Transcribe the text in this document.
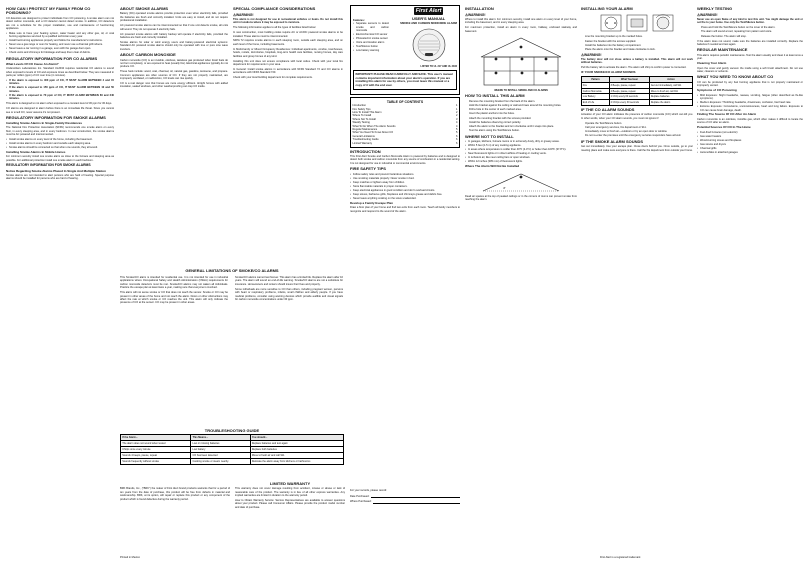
HOW CAN I PROTECT MY FAMILY FROM CO POISONING?
CO detectors are designed to protect individuals from CO poisoning. A smoke alarm can not detect carbon monoxide, and a CO detector cannot detect smoke. In addition, CO detectors are not a substitute for the proper installation, use and maintenance of fuel-burning appliances.
• Make sure to have your heating system, water heater and any other gas, oil, or coal burning appliances serviced by a qualified technician every year.
• Install fuel-burning appliances properly and follow the manufacturer's instructions.
• Never use a gas range or oven for heating, and never use a charcoal grill indoors.
• Never leave a car running in a garage, even with the garage door open.
• Check vents and chimneys for blockage and keep them clear of debris.
REGULATORY INFORMATION FOR CO ALARMS
What Levels Of CO Cause An Alarm?
Underwriters Laboratories Inc. Standard UL2034 requires residential CO alarms to sound when exposed to levels of CO and exposure times as described below. They are measured in parts per million (ppm) of CO over time (in minutes).
• If the alarm is exposed to 400 ppm of CO, IT MUST ALARM BETWEEN 4 and 15 minutes.
• If the alarm is exposed to 150 ppm of CO, IT MUST ALARM BETWEEN 10 and 50 minutes.
• If the alarm is exposed to 70 ppm of CO, IT MUST ALARM BETWEEN 60 and 240 minutes.
This alarm is designed to not alarm when exposed to a constant level of 30 ppm for 30 days.
CO alarms are designed to alarm before there is an immediate life threat. Since you cannot see or smell CO, never assume it's not present.
REGULATORY INFORMATION FOR SMOKE ALARMS
Installing Smoke Alarms In Single-Family Residences
The National Fire Protection Association (NFPA) recommends one smoke alarm on every floor, in every sleeping area, and in every bedroom. In new construction, the smoke alarms must be AC powered and interconnected.
• Install smoke alarms on every level of the home, including the basement.
• Install smoke alarms in every bedroom and outside each sleeping area.
• Smoke alarms should be connected so that when one sounds, they all sound.
Installing Smoke Alarms In Mobile Homes
For minimum security install one smoke alarm as close to the furnace and sleeping area as possible. For additional protection install one smoke alarm in each bedroom.
REGULATORY INFORMATION FOR SMOKE ALARMS
Notice Regarding Smoke Alarms Placed In Single And Multiple Station
Smoke alarms are not intended to alert persons who are hard of hearing. Special purpose alarms should be installed for persons who are hard of hearing.
ABOUT SMOKE ALARMS
Battery (DC) operated smoke alarms provide protection even when electricity fails, provided the batteries are fresh and correctly installed. Units are easy to install, and do not require professional installation.
AC powered smoke alarms can be interconnected so that if one unit detects smoke, all units will sound. They do not operate if electricity fails.
AC powered smoke alarms with battery backup will operate if electricity fails, provided the batteries are fresh and correctly installed.
Smoke alarms for solar or wind energy users and battery-powered electrical systems: Standard AC powered smoke alarms should only be operated with true or pure sine wave inverters.
ABOUT CARBON MONOXIDE
Carbon monoxide (CO) is an invisible, odorless, tasteless gas produced when fossil fuels do not burn completely, or are exposed to heat (usually fire). Electrical appliances typically do not produce CO.
These fuels include: wood, coal, charcoal, oil, natural gas, gasoline, kerosene, and propane. Common appliances are often sources of CO. If they are not properly maintained, are improperly ventilated, or malfunction, CO levels can rise quickly.
CO is a real danger now that homes are more energy efficient. Airtight homes with added insulation, sealed windows, and other weatherproofing can trap CO inside.
SPECIAL COMPLIANCE CONSIDERATIONS
⚠ WARNING!
This alarm is not designed for use in recreational vehicles or boats. Do not install this unit in locations where it may be exposed to moisture.
The following information applies to all the types of facilities listed below:
In new construction, most building codes require AC or AC/DC powered smoke alarms to be installed. These alarms must be interconnected.
NFPA 72 requires smoke alarms in each sleeping room, outside each sleeping area, and on each level of the home, including basements.
In Multi-Family or Mixed Occupancy Residences: Individual apartments, condos, townhouses, hotels, motels, dormitories, hospitals, long-term health care facilities, nursing homes, day care facilities and group homes of any kind.
Installing this unit does not ensure compliance with local codes. Check with your local fire department for requirements in your area.
In General: Install smoke alarms in accordance with NFPA Standard 72 and CO alarms in accordance with NFPA Standard 720.
Check with your local building department for complete requirements.
GENERAL LIMITATIONS OF SMOKE/CO ALARMS
This Smoke/CO alarm is intended for residential use. It is not intended for use in industrial applications where Occupational Safety and Health Administration (OSHA) requirements for carbon monoxide detectors must be met. Smoke/CO alarms may not waken all individuals. Practice the escape plan at least twice a year, making sure that everyone is involved.
This alarm will not sense smoke or CO that does not reach the sensor. Smoke or CO may be present in other areas of the home and not reach the alarm. Doors or other obstructions may affect the rate at which smoke or CO reaches the unit. This alarm will only indicate the presence of CO at the sensor. CO may be present in other areas.
Smoke/CO alarms cannot last forever. This alarm has a limited life. Replace the alarm after 10 years. The alarm will sound an end-of-life warning. Smoke/CO alarms are not a substitute for insurance. Homeowners and renters should insure their lives and property.
Some individuals are more sensitive to CO than others, including pregnant women, persons with heart or respiratory problems, infants, small children and elderly people. If you have medical problems, consider using warning devices which provide audible and visual signals for carbon monoxide concentrations under 30 ppm.
TROUBLESHOOTING GUIDE
If the Alarm...	This Means...	You should...
The alarm does not sound when tested	Low or missing batteries	Replace batteries and test again
Chirps once every minute	Low battery	Replace both batteries
Sounds 4 beeps, pause, repeat	CO has been detected	Move to fresh air and call 911
Sounds frequently without smoke	Cooking smoke or steam nearby	Relocate the alarm away from kitchens or bathrooms
LIMITED WARRANTY
BRK Brands, Inc., ("BRK") the maker of First Alert brand products warrants that for a period of ten years from the date of purchase, this product will be free from defects in material and workmanship. BRK, at its option, will repair or replace this product or any component of the product which is found defective during the warranty period.
This warranty does not cover damage resulting from accident, misuse or abuse or lack of reasonable care of the product. The warranty is in lieu of all other express warranties. Any implied warranties are limited in duration to the warranty period.
How to Obtain Warranty Service: Service Representatives are available to answer questions about your product. Please call Consumer Affairs. Please provide the product model number and date of purchase.
For your records, please record:
Date Purchased:
Where Purchased:
Features:
• Separate sensors to detect smoke and carbon monoxide
• Electrochemical CO sensor
• Photoelectric smoke sensor
• Voice and location alarm
• Test/Silence button
• Low battery warning
First Alert
USER'S MANUAL
SMOKE AND CARBON MONOXIDE ALARM
LISTED TO UL 217 AND UL 2034
IMPORTANT! PLEASE READ CAREFULLY AND SAVE. This user's manual contains important information about your alarm's operation. If you are installing this alarm for use by others, you must leave this manual or a copy of it with the end user.
TABLE OF CONTENTS
Introduction	1
Fire Safety Tips	1
How To Install This Alarm	2
Where To Install	2
Where Not To Install	3
Weekly Testing	4
What To Do When The Alarm Sounds	4
Regular Maintenance	5
What You Need To Know About CO	5
General Limitations	6
Troubleshooting Guide	6
Limited Warranty	6
INTRODUCTION
This First Alert Smoke and Carbon Monoxide Alarm is powered by batteries and is designed to detect both smoke and carbon monoxide from any source of combustion in a residential setting. It is not designed for use in industrial or commercial environments.
FIRE SAFETY TIPS
• Follow safety rules and prevent hazardous situations.
• Use smoking materials properly. Never smoke in bed.
• Keep matches or lighters away from children.
• Store flammable materials in proper containers.
• Keep electrical appliances in good condition and don't overload circuits.
• Keep stoves, barbecue grills, fireplaces and chimneys grease and debris free.
• Never leave anything cooking on the stove unattended.
Develop a Family Escape Plan
Draw a floor plan of your home and find two exits from each room. Teach all family members to recognize and respond to the sound of the alarm.
INSTALLATION
⚠ WARNING!
Where to install this alarm: For minimum security, install one alarm on every level of your home, including the basement, and in every sleeping area.
For maximum protection, install an alarm in every room, hallway, enclosed stairway and basement.
WHERE TO INSTALL SMOKE AND CO ALARMS
HOW TO INSTALL THIS ALARM
Remove the mounting bracket from the back of the alarm.
Hold the bracket against the ceiling or wall and trace around the mounting holes.
Drill a hole in the center of each marked area.
Insert the plastic anchors into the holes.
Attach the mounting bracket with the screws provided.
Install the batteries observing correct polarity.
Attach the alarm to the bracket and turn clockwise until it snaps into place.
Test the alarm using the Test/Silence button.
WHERE NOT TO INSTALL
• In garages, kitchens, furnace rooms or in extremely dusty, dirty or greasy areas.
• Within 5 feet (1.5 m) of any cooking appliance.
• In areas where temperature is colder than 40°F (4.4°C) or hotter than 100°F (37.8°C).
• Near fluorescent lights or in direct airflow of heating or cooling vents.
• In turbulent air, like near ceiling fans or open windows.
• Within 12 inches (305 mm) of fluorescent lights.
Where The Alarm Will Not Be Installed
4"
Dead air spaces at the top of peaked ceilings or in the corners of rooms can prevent smoke from reaching the alarm.
INSTALLING YOUR ALARM
Line the mounting bracket up to the marked holes.
Fasten the bracket with the screws supplied.
Install the batteries into the battery compartment.
Place the alarm onto the bracket and rotate clockwise to lock.
⚠ WARNING!
The battery door will not close unless a battery is installed. This alarm will not work without batteries.
Pull the battery tab to activate the alarm. The alarm will chirp to confirm power is connected.
IF YOUR SMOKE/CO ALARM SOUNDS
Pattern	What You Hear	Action
Fire	3 Beeps, pause, repeat	Get out immediately, call 911
Carbon Monoxide	4 Beeps, pause, repeat	Move to fresh air, call 911
Low Battery	1 Chirp every 60 seconds	Replace batteries
End of Life	2 Chirps every 30 seconds	Replace the alarm
IF THE CO ALARM SOUNDS
Actuation of your CO alarm indicates the presence of carbon monoxide (CO) which can kill you. In other words, when your CO alarm sounds, you must not ignore it!
Operate the Test/Silence button.
Call your emergency services, fire department or 911.
Immediately move to fresh air—outdoors or by an open door or window.
Do not re-enter the premises until the emergency services responders have arrived.
IF THE SMOKE ALARM SOUNDS
Get out immediately. Use your escape plan. Close doors behind you. Once outside, go to your meeting place and make sure everyone is there. Call the fire department from outside your home.
WEEKLY TESTING
⚠ WARNING!
Never use an open flame of any kind to test this unit. You might damage the unit or set fire to your home. Use only the Test/Silence button.
Press and hold the Test/Silence button on the cover of the alarm.
The alarm will sound a loud, repeating horn pattern and voice.
Release the button. The alarm will stop.
If the alarm does not sound, make sure the batteries are installed correctly. Replace the batteries if needed and test again.
REGULAR MAINTENANCE
This alarm requires periodic maintenance. Test the alarm weekly and clean it at least once a year.
Cleaning Your Alarm
Open the cover and gently vacuum the inside using a soft brush attachment. Do not use water, cleaners or solvents.
WHAT YOU NEED TO KNOW ABOUT CO
CO can be produced by any fuel burning appliance that is not properly maintained or improperly vented.
Symptoms of CO Poisoning
• Mild Exposure: Slight headache, nausea, vomiting, fatigue (often described as flu-like symptoms).
• Medium Exposure: Throbbing headache, drowsiness, confusion, fast heart rate.
• Extreme Exposure: Convulsions, unconsciousness, heart and lung failure. Exposure to CO can cause brain damage, death.
Finding The Source Of CO After An Alarm
Carbon monoxide is an odorless, invisible gas, which often makes it difficult to locate the source of CO after an alarm.
Potential Sources Of CO In The Home
• Fuel-fired furnaces (non-electric)
• Gas water heaters
• Wood-burning stoves and fireplaces
• Gas stoves and dryers
• Charcoal grills
• Automobiles in attached garages
Printed in Mexico	First Alert is a registered trademark
